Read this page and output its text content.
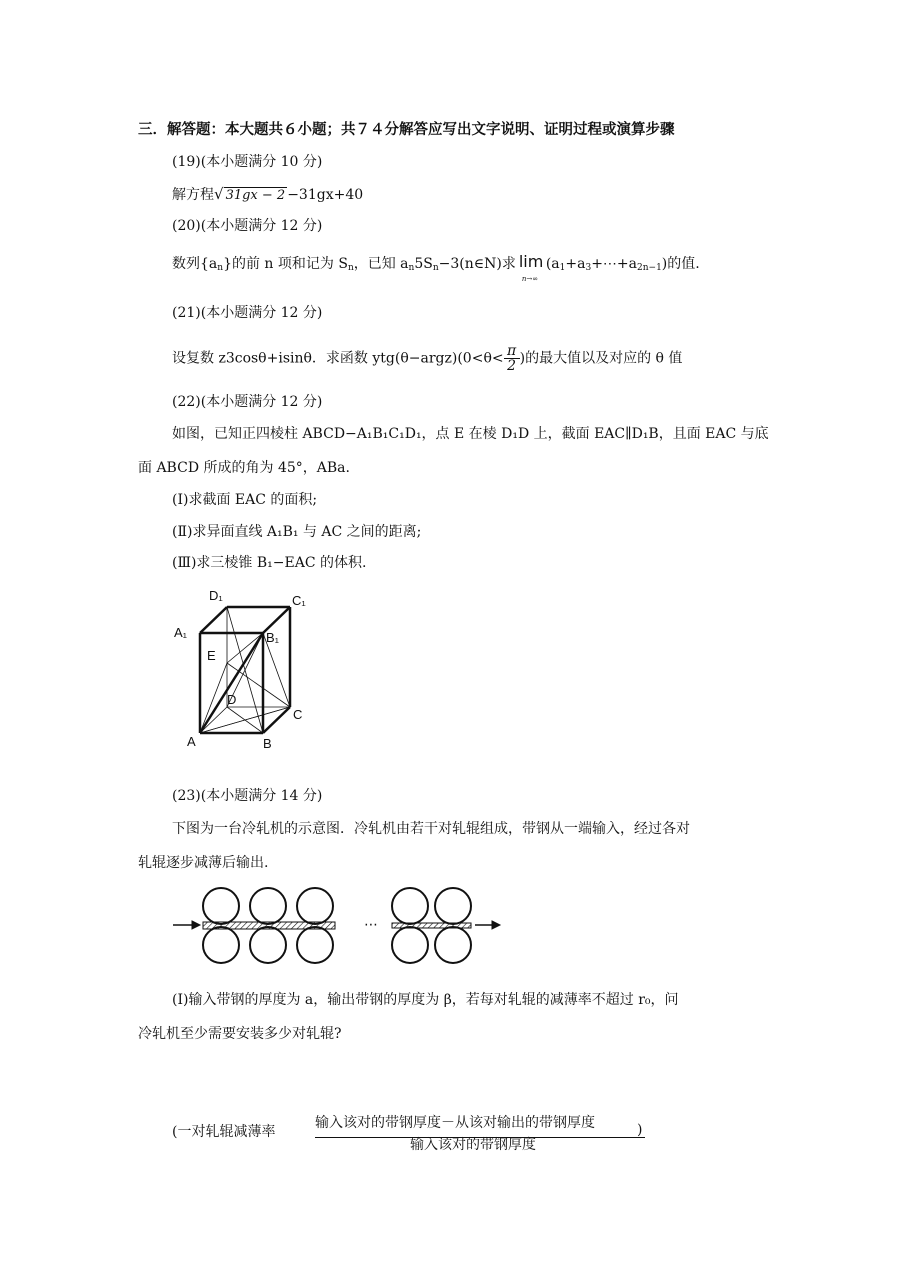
三．解答题：本大题共６小题；共７４分解答应写出文字说明、证明过程或演算步骤
(19)(本小题满分 10 分)
解方程√ 31gx − 2 −31gx+40
(20)(本小题满分 12 分)
数列$\{a_n\}$的前 n 项和记为 $S_n$，已知 $a_n5S_n-3(n\in N)$求 lim
n→∞
$(a_1+a_3+\cdots+a_{2n-1})$的值.
(21)(本小题满分 12 分)
设复数 z3cosθ+isinθ．求函数 ytg(θ−argz)(0<θ< $\frac{\pi}{2}$ )的最大值以及对应的 θ 值
(22)(本小题满分 12 分)
如图，已知正四棱柱 ABCD−A₁B₁C₁D₁，点 E 在棱 D₁D 上，截面 EAC∥D₁B，且面 EAC 与底
面 ABCD 所成的角为 45°，ABa.
(Ⅰ)求截面 EAC 的面积;
(Ⅱ)求异面直线 A₁B₁ 与 AC 之间的距离;
(Ⅲ)求三棱锥 B₁−EAC 的体积.
D₁	C₁
A₁	B₁
E
D
C
A	B
(23)(本小题满分 14 分)
下图为一台冷轧机的示意图．冷轧机由若干对轧辊组成，带钢从一端输入，经过各对
轧辊逐步减薄后输出.
⋯
(Ⅰ)输入带钢的厚度为 a，输出带钢的厚度为 β，若每对轧辊的减薄率不超过 r₀，问
冷轧机至少需要安装多少对轧辊?
(一对轧辊减薄率
输入该对的带钢厚度－从该对输出的带钢厚度	)
输入该对的带钢厚度
